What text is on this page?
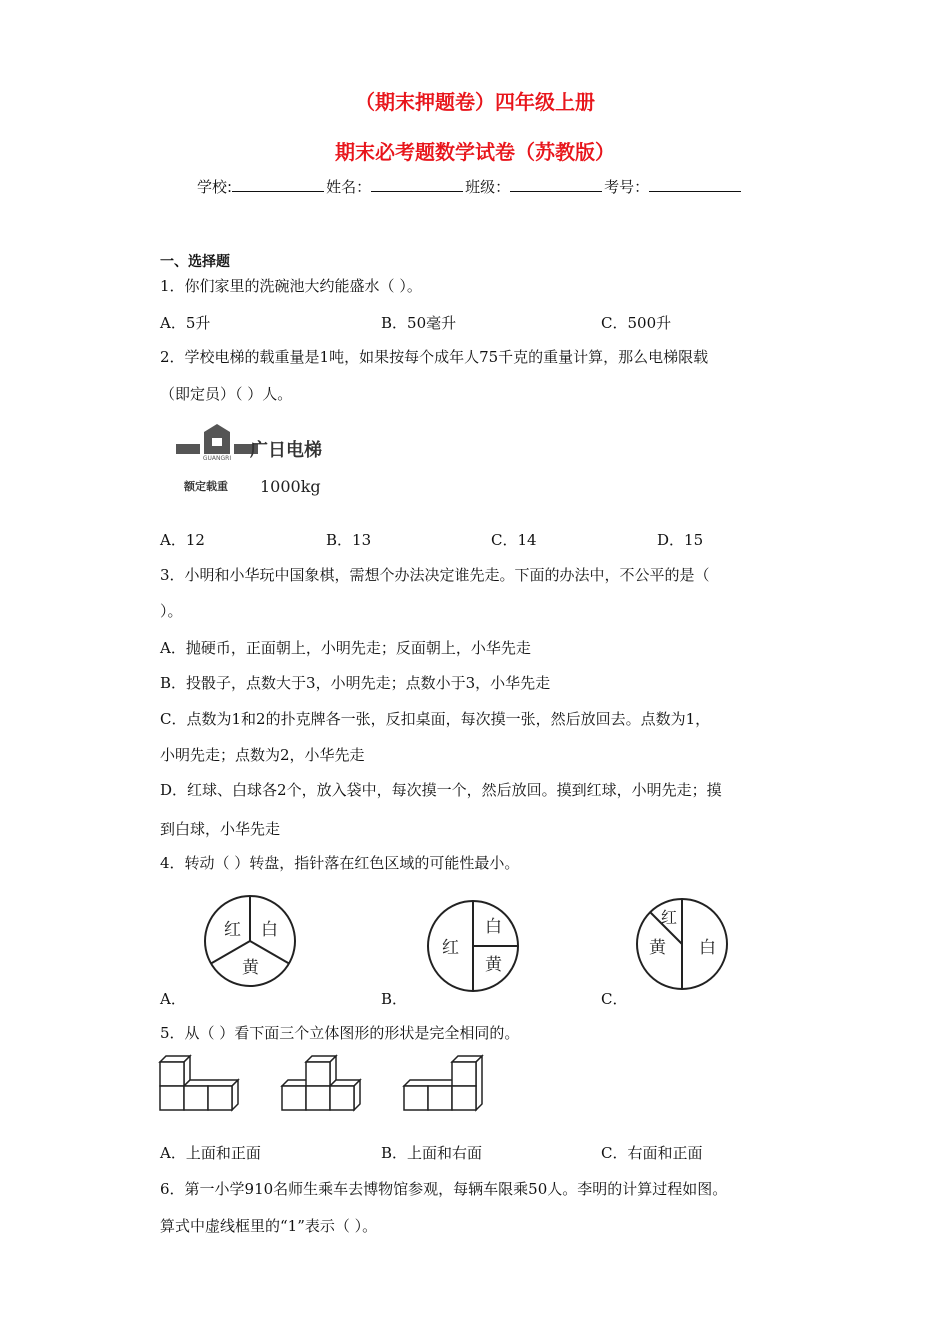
（期末押题卷）四年级上册
期末必考题数学试卷（苏教版）
学校:	姓名：	班级：	考号：
一、选择题
1．你们家里的洗碗池大约能盛水（ ）。
A．5升	B．50毫升	C．500升
2．学校电梯的载重量是1吨，如果按每个成年人75千克的重量计算，那么电梯限载
（即定员）（ ）人。
GUANGRI 广日电梯
额定载重 1000kg
A．12	B．13	C．14	D．15
3．小明和小华玩中国象棋，需想个办法决定谁先走。下面的办法中，不公平的是（
）。
A．抛硬币，正面朝上，小明先走；反面朝上，小华先走
B．投骰子，点数大于3，小明先走；点数小于3，小华先走
C．点数为1和2的扑克牌各一张，反扣桌面，每次摸一张，然后放回去。点数为1，
小明先走；点数为2，小华先走
D．红球、白球各2个，放入袋中，每次摸一个，然后放回。摸到红球，小明先走；摸
到白球，小华先走
4．转动（ ）转盘，指针落在红色区域的可能性最小。
红 白
黄
红
白
黄
红
白
黄
A．	B．	C．
5．从（ ）看下面三个立体图形的形状是完全相同的。
A．上面和正面	B．上面和右面	C．右面和正面
6．第一小学910名师生乘车去博物馆参观，每辆车限乘50人。李明的计算过程如图。
算式中虚线框里的“1”表示（ ）。
